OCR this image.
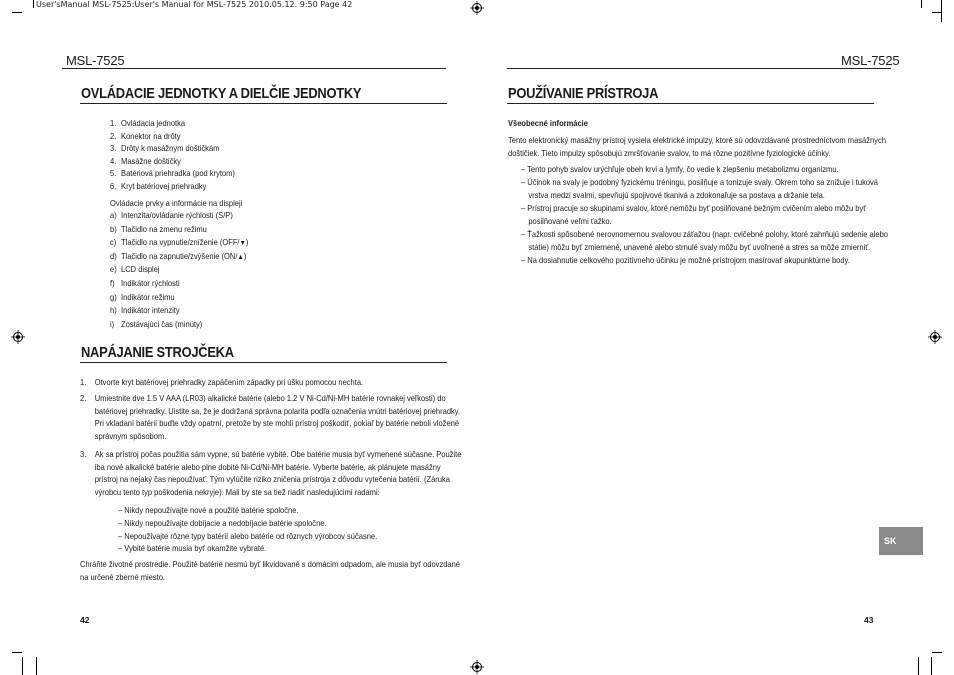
User'sManual MSL-7525:User's Manual for MSL-7525 2010.05.12. 9:50 Page 42
MSL-7525
OVLÁDACIE JEDNOTKY A DIELČIE JEDNOTKY
1. Ovládacia jednotka
2. Konektor na drôty
3. Drôty k masážnym doštičkám
4. Masážne doštičky
5. Batériová priehradka (pod krytom)
6. Kryt batériovej priehradky
Ovládacie prvky a informácie na displeji
a) Intenzita/ovládanie rýchlosti (S/P)
b) Tlačidlo na zmenu režimu
c) Tlačidlo na vypnutie/zníženie (OFF/▼)
d) Tlačidlo na zapnutie/zvýšenie (ON/▲)
e) LCD displej
f) Indikátor rýchlosti
g) Indikátor režimu
h) Indikátor intenzity
i) Zostávajúci čas (minúty)
NAPÁJANIE STROJČEKA
1. Otvorte kryt batériovej priehradky zapáčením západky pri úšku pomocou nechta.
2. Umiestnite dve 1.5 V AAA (LR03) alkalické batérie (alebo 1.2 V Ni-Cd/Ni-MH batérie rovnakej veľkosti) do
batériovej priehradky. Uistite sa, že je dodržaná správna polarita podľa označenia vnútri batériovej priehradky.
Pri vkladaní batérií buďte vždy opatrní, pretože by ste mohli prístroj poškodiť, pokiaľ by batérie neboli vložené
správnym spôsobom.
3. Ak sa prístroj počas použitia sám vypne, sú batérie vybité. Obe batérie musia byť vymenené súčasne. Použite
iba nové alkalické batérie alebo plne dobité Ni-Cd/Ni-MH batérie. Vyberte batérie, ak plánujete masážny
prístroj na nejaký čas nepoužívať. Tým vylúčite riziko zničenia prístroja z dôvodu vytečenia batérií. (Záruka
výrobcu tento typ poškodenia nekryje). Mali by ste sa tiež riadiť nasledujúcimi radami:
– Nikdy nepoužívajte nové a použité batérie spoločne.
– Nikdy nepoužívajte dobíjacie a nedobíjacie batérie spoločne.
– Nepoužívajte rôzne typy batérií alebo batérie od rôznych výrobcov súčasne.
– Vybité batérie musia byť okamžite vybraté.
Chráňte životné prostredie. Použité batérie nesmú byť likvidované s domácim odpadom, ale musia byť odovzdané
na určené zberné miesto.
42
MSL-7525
POUŽÍVANIE PRÍSTROJA
Všeobecné informácie
Tento elektronický masážny prístroj vysiela elektrické impulzy, ktoré sú odovzdávané prostredníctvom masážnych
doštičiek. Tieto impulzy spôsobujú zmršťovanie svalov, to má rôzne pozitívne fyziologické účinky.
– Tento pohyb svalov urýchľuje obeh krvi a lymfy, čo vedie k zlepšeniu metabolizmu organizmu.
– Účinok na svaly je podobný fyzickému tréningu, posilňuje a tonizuje svaly. Okrem toho sa znižuje i tuková
vrstva medzi svalmi, spevňujú spojivové tkanivá a zdokonaľuje sa postava a držanie tela.
– Prístroj pracuje so skupinami svalov, ktoré nemôžu byť posilňované bežným cvičením alebo môžu byť
posilňované veľmi ťažko.
– Ťažkosti spôsobené nerovnomernou svalovou záťažou (napr. cvičebné polohy, ktoré zahrňujú sedenie alebo
státie) môžu byť zmiernené, unavené alebo strnulé svaly môžu byť uvoľnené a stres sa môže zmierniť.
– Na dosiahnutie celkového pozitívneho účinku je možné prístrojom masírovať akupunktúrne body.
SK
43
